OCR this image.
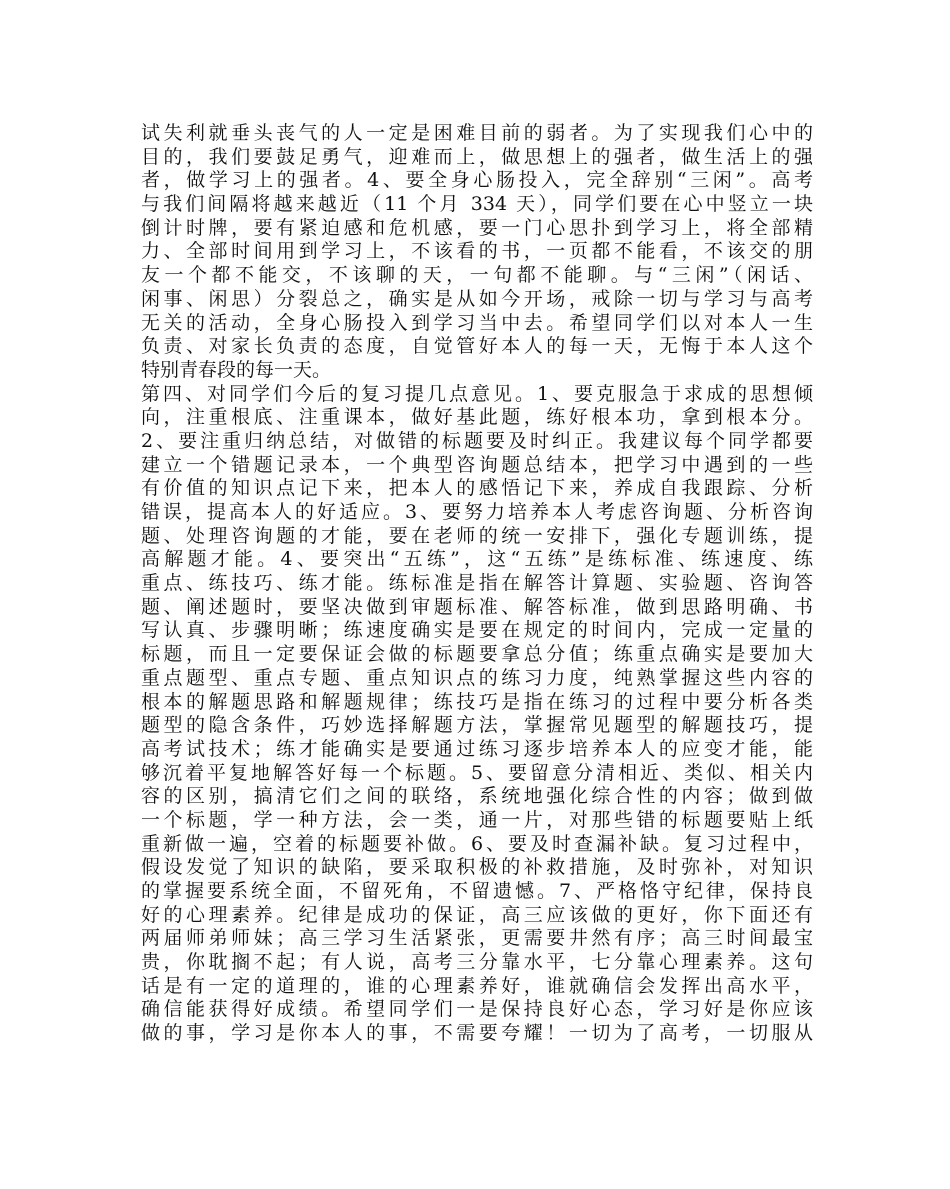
试失利就垂头丧气的人一定是困难目前的弱者。为了实现我们心中的
目的，我们要鼓足勇气，迎难而上，做思想上的强者，做生活上的强
者，做学习上的强者。4、要全身心肠投入，完全辞别“三闲”。高考
与我们间隔将越来越近（11 个月 334 天），同学们要在心中竖立一块
倒计时牌，要有紧迫感和危机感，要一门心思扑到学习上，将全部精
力、全部时间用到学习上，不该看的书，一页都不能看，不该交的朋
友一个都不能交，不该聊的天，一句都不能聊。与“三闲”（闲话、
闲事、闲思）分裂总之，确实是从如今开场，戒除一切与学习与高考
无关的活动，全身心肠投入到学习当中去。希望同学们以对本人一生
负责、对家长负责的态度，自觉管好本人的每一天，无悔于本人这个
特别青春段的每一天。
第四、对同学们今后的复习提几点意见。1、要克服急于求成的思想倾
向，注重根底、注重课本，做好基此题，练好根本功，拿到根本分。
2、要注重归纳总结，对做错的标题要及时纠正。我建议每个同学都要
建立一个错题记录本，一个典型咨询题总结本，把学习中遇到的一些
有价值的知识点记下来，把本人的感悟记下来，养成自我跟踪、分析
错误，提高本人的好适应。3、要努力培养本人考虑咨询题、分析咨询
题、处理咨询题的才能，要在老师的统一安排下，强化专题训练，提
高解题才能。4、要突出“五练”，这“五练”是练标准、练速度、练
重点、练技巧、练才能。练标准是指在解答计算题、实验题、咨询答
题、阐述题时，要坚决做到审题标准、解答标准，做到思路明确、书
写认真、步骤明晰；练速度确实是要在规定的时间内，完成一定量的
标题，而且一定要保证会做的标题要拿总分值；练重点确实是要加大
重点题型、重点专题、重点知识点的练习力度，纯熟掌握这些内容的
根本的解题思路和解题规律；练技巧是指在练习的过程中要分析各类
题型的隐含条件，巧妙选择解题方法，掌握常见题型的解题技巧，提
高考试技术；练才能确实是要通过练习逐步培养本人的应变才能，能
够沉着平复地解答好每一个标题。5、要留意分清相近、类似、相关内
容的区别，搞清它们之间的联络，系统地强化综合性的内容；做到做
一个标题，学一种方法，会一类，通一片，对那些错的标题要贴上纸
重新做一遍，空着的标题要补做。6、要及时查漏补缺。复习过程中，
假设发觉了知识的缺陷，要采取积极的补救措施，及时弥补，对知识
的掌握要系统全面，不留死角，不留遗憾。7、严格恪守纪律，保持良
好的心理素养。纪律是成功的保证，高三应该做的更好，你下面还有
两届师弟师妹；高三学习生活紧张，更需要井然有序；高三时间最宝
贵，你耽搁不起；有人说，高考三分靠水平，七分靠心理素养。这句
话是有一定的道理的，谁的心理素养好，谁就确信会发挥出高水平，
确信能获得好成绩。希望同学们一是保持良好心态，学习好是你应该
做的事，学习是你本人的事，不需要夸耀！一切为了高考，一切服从
